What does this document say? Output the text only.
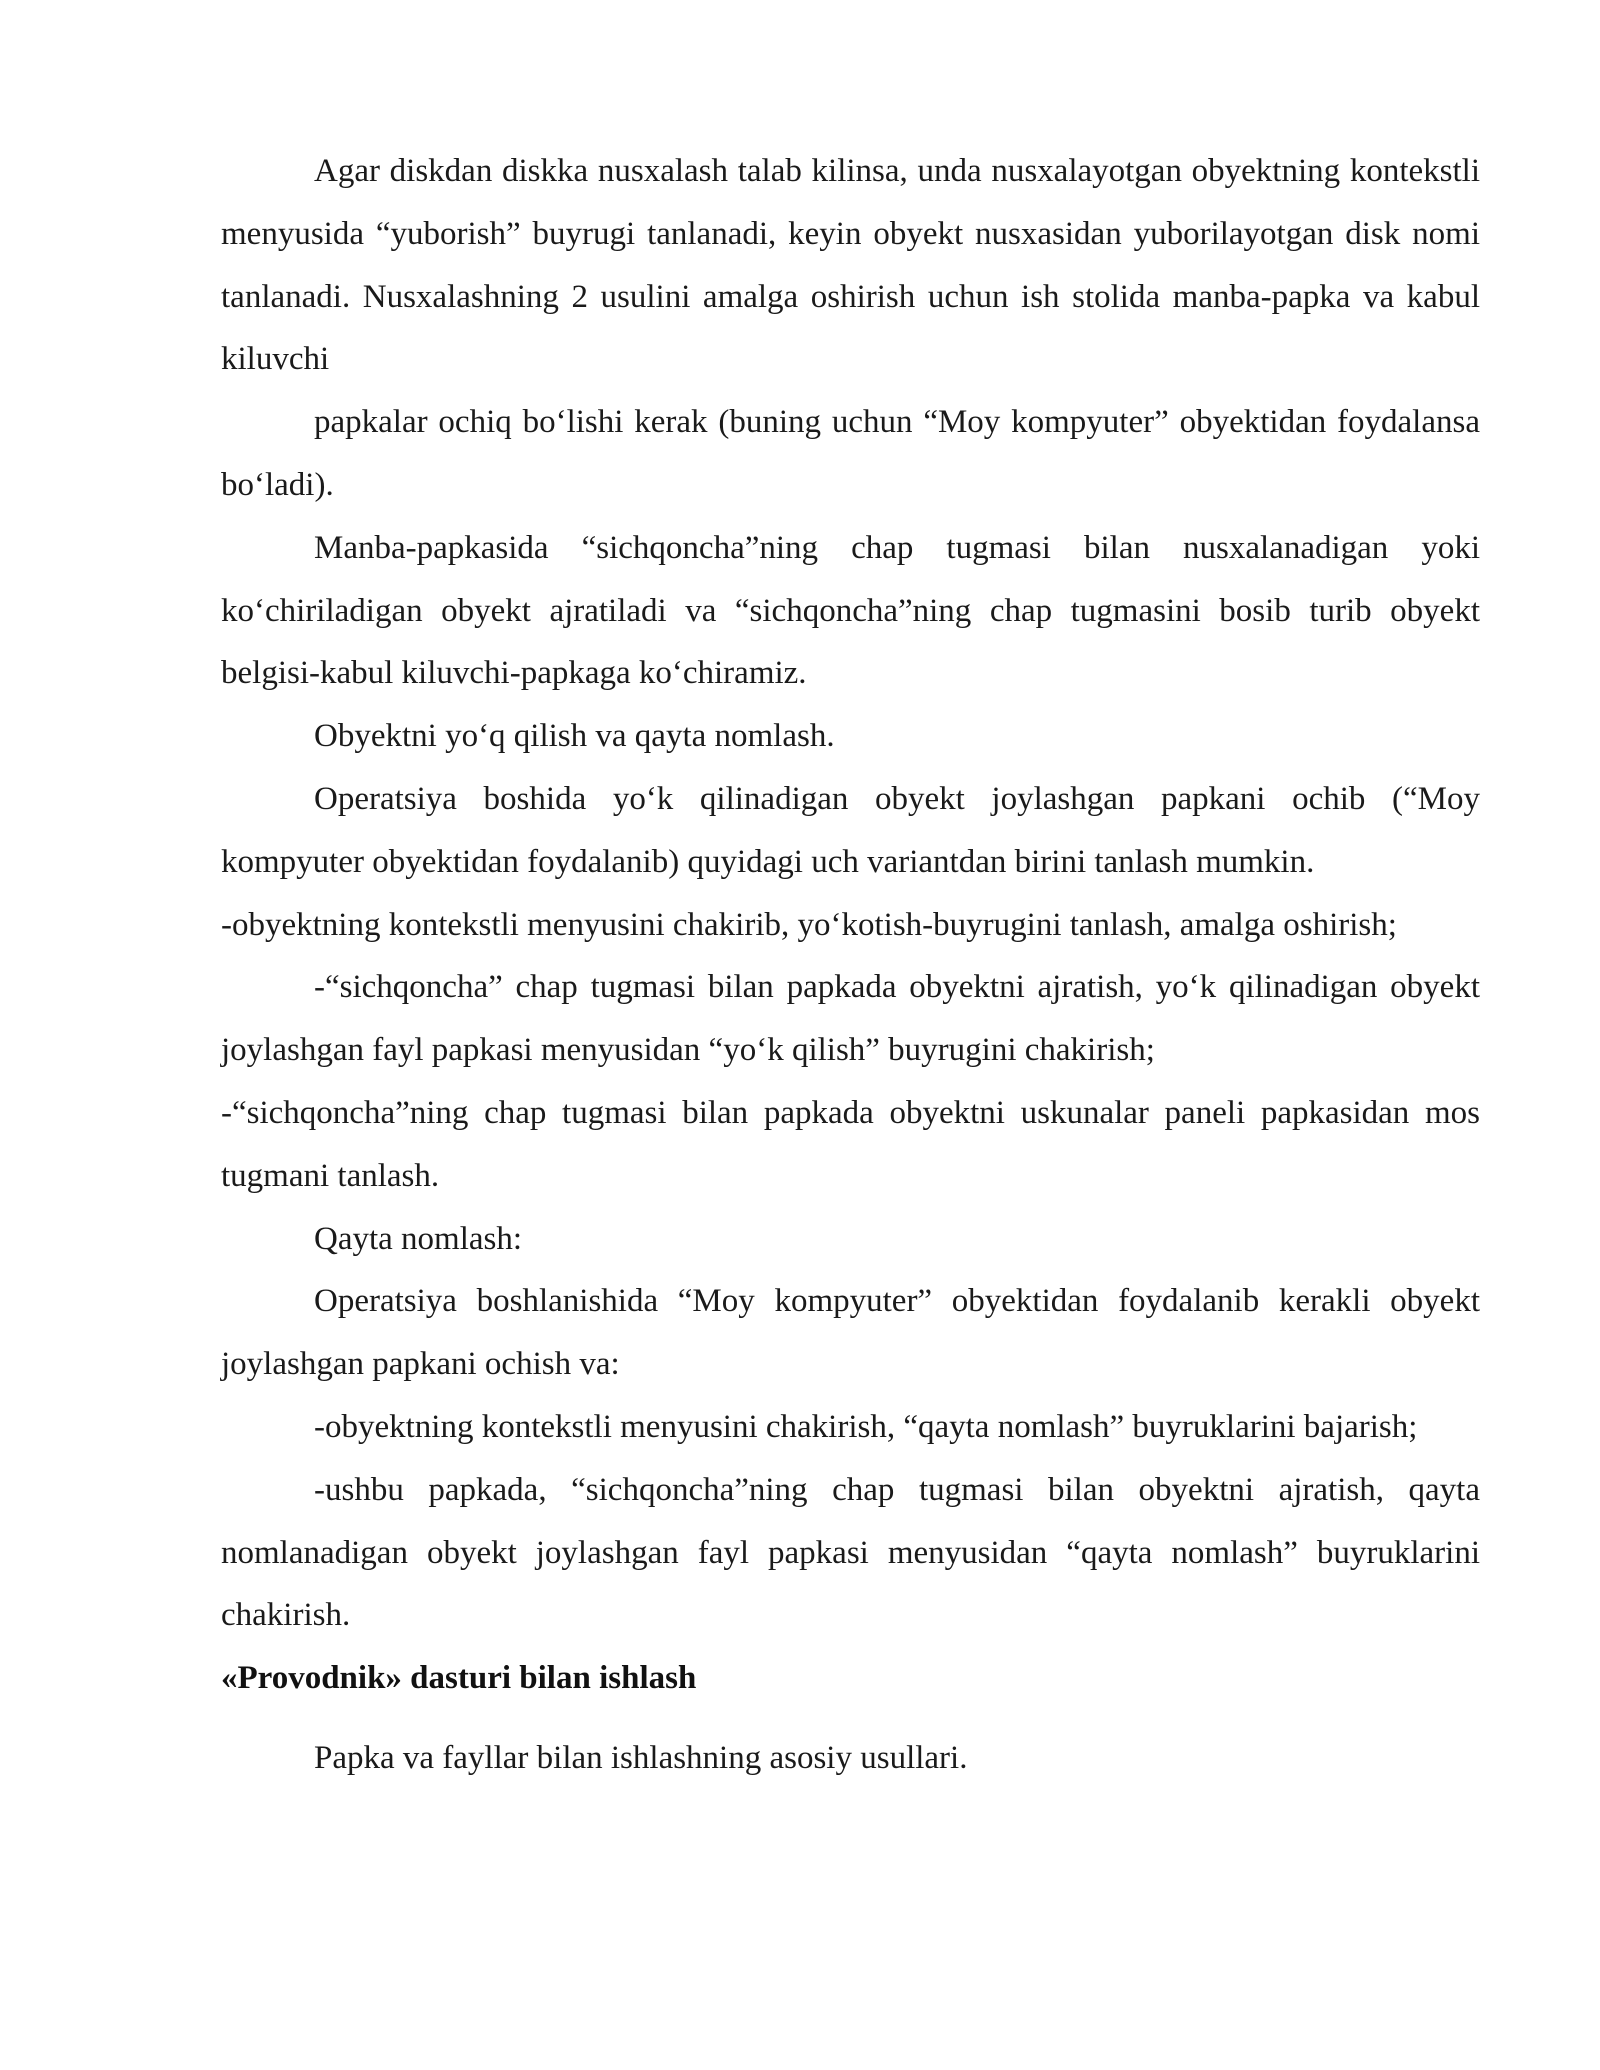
Agar diskdan diskka nusxalash talab kilinsa, unda nusxalayotgan obyektning kontekstli menyusida “yuborish” buyrugi tanlanadi, keyin obyekt nusxasidan yuborilayotgan disk nomi tanlanadi. Nusxalashning 2 usulini amalga oshirish uchun ish stolida manba-papka va kabul kiluvchi

papkalar ochiq bo‘lishi kerak (buning uchun “Moy kompyuter” obyektidan foydalansa bo‘ladi).

Manba-papkasida “sichqoncha”ning chap tugmasi bilan nusxalanadigan yoki ko‘chiriladigan obyekt ajratiladi va “sichqoncha”ning chap tugmasini bosib turib obyekt belgisi-kabul kiluvchi-papkaga ko‘chiramiz.

Obyektni yo‘q qilish va qayta nomlash.

Operatsiya boshida yo‘k qilinadigan obyekt joylashgan papkani ochib (“Moy kompyuter obyektidan foydalanib) quyidagi uch variantdan birini tanlash mumkin.

-obyektning kontekstli menyusini chakirib, yo‘kotish-buyrugini tanlash, amalga oshirish;

-“sichqoncha” chap tugmasi bilan papkada obyektni ajratish, yo‘k qilinadigan obyekt joylashgan fayl papkasi menyusidan “yo‘k qilish” buyrugini chakirish;

-“sichqoncha”ning chap tugmasi bilan papkada obyektni uskunalar paneli papkasidan mos tugmani tanlash.

Qayta nomlash:

Operatsiya boshlanishida “Moy kompyuter” obyektidan foydalanib kerakli obyekt joylashgan papkani ochish va:

-obyektning kontekstli menyusini chakirish, “qayta nomlash” buyruklarini bajarish;

-ushbu papkada, “sichqoncha”ning chap tugmasi bilan obyektni ajratish, qayta nomlanadigan obyekt joylashgan fayl papkasi menyusidan “qayta nomlash” buyruklarini chakirish.

«Provodnik» dasturi bilan ishlash

Papka va fayllar bilan ishlashning asosiy usullari.
